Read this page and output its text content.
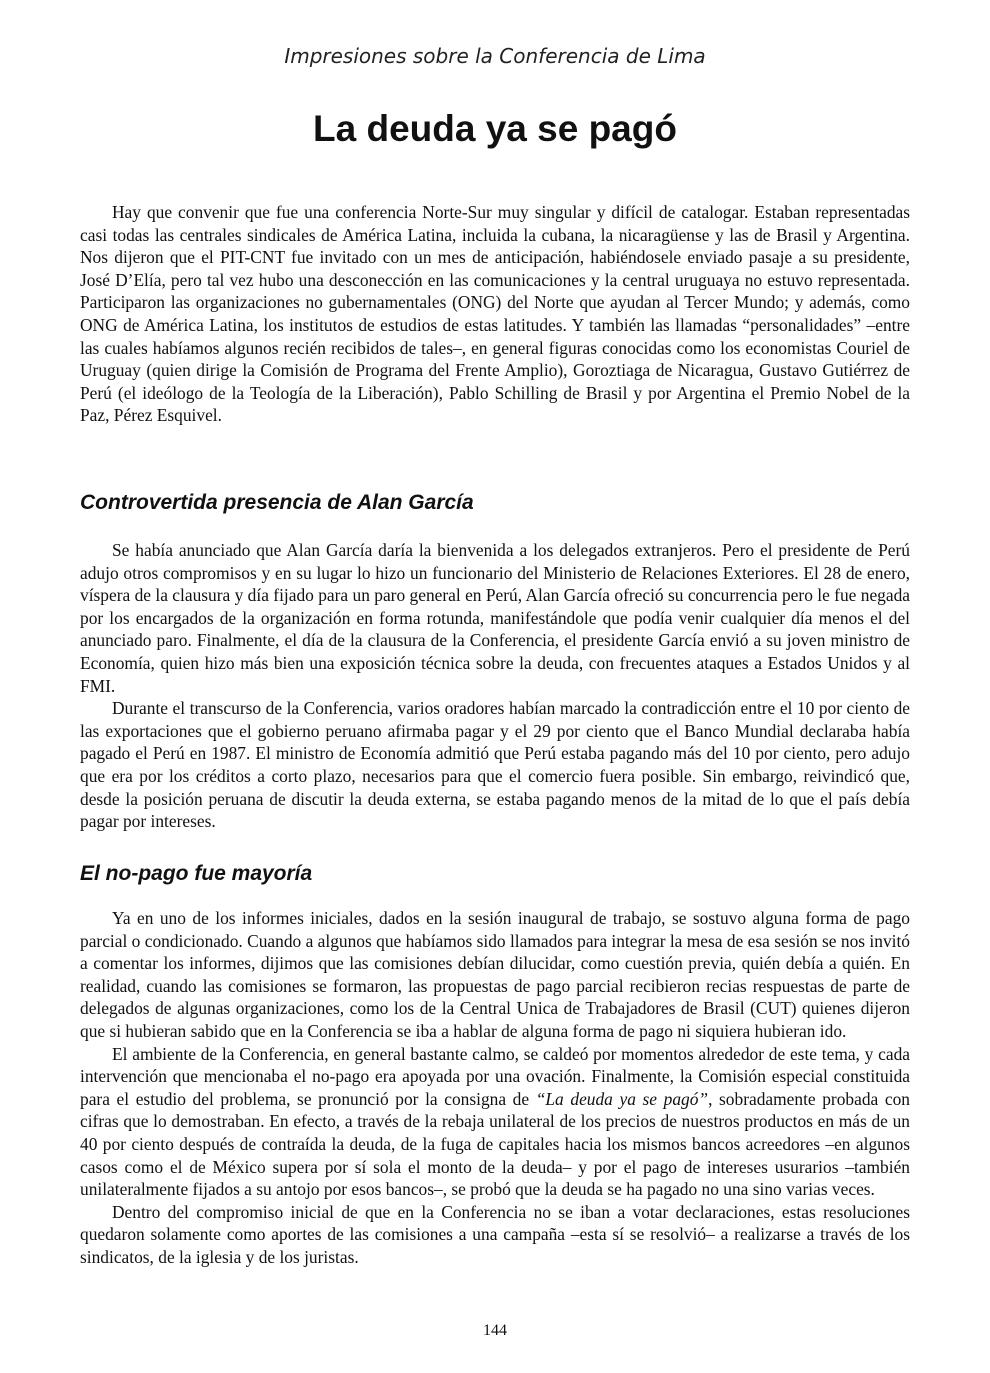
Impresiones sobre la Conferencia de Lima
La deuda ya se pagó

Hay que convenir que fue una conferencia Norte-Sur muy singular y difícil de catalogar. Estaban representadas casi todas las centrales sindicales de América Latina, incluida la cubana, la nicaragüense y las de Brasil y Argentina. Nos dijeron que el PIT-CNT fue invitado con un mes de anticipación, habiéndosele enviado pasaje a su presidente, José D’Elía, pero tal vez hubo una desconección en las comunicaciones y la central uruguaya no estuvo representada. Participaron las organizaciones no gubernamentales (ONG) del Norte que ayudan al Tercer Mundo; y además, como ONG de América Latina, los institutos de estudios de estas latitudes. Y también las llamadas “personalidades” –entre las cuales habíamos algunos recién recibidos de tales–, en general figuras conocidas como los economistas Couriel de Uruguay (quien dirige la Comisión de Programa del Frente Amplio), Goroztiaga de Nicaragua, Gustavo Gutiérrez de Perú (el ideólogo de la Teología de la Liberación), Pablo Schilling de Brasil y por Argentina el Premio Nobel de la Paz, Pérez Esquivel.

Controvertida presencia de Alan García

Se había anunciado que Alan García daría la bienvenida a los delegados extranjeros. Pero el presidente de Perú adujo otros compromisos y en su lugar lo hizo un funcionario del Ministerio de Relaciones Exteriores. El 28 de enero, víspera de la clausura y día fijado para un paro general en Perú, Alan García ofreció su concurrencia pero le fue negada por los encargados de la organización en forma rotunda, manifestándole que podía venir cualquier día menos el del anunciado paro. Finalmente, el día de la clausura de la Conferencia, el presidente García envió a su joven ministro de Economía, quien hizo más bien una exposición técnica sobre la deuda, con frecuentes ataques a Estados Unidos y al FMI.

Durante el transcurso de la Conferencia, varios oradores habían marcado la contradicción entre el 10 por ciento de las exportaciones que el gobierno peruano afirmaba pagar y el 29 por ciento que el Banco Mundial declaraba había pagado el Perú en 1987. El ministro de Economía admitió que Perú estaba pagando más del 10 por ciento, pero adujo que era por los créditos a corto plazo, necesarios para que el comercio fuera posible. Sin embargo, reivindicó que, desde la posición peruana de discutir la deuda externa, se estaba pagando menos de la mitad de lo que el país debía pagar por intereses.

El no-pago fue mayoría

Ya en uno de los informes iniciales, dados en la sesión inaugural de trabajo, se sostuvo alguna forma de pago parcial o condicionado. Cuando a algunos que habíamos sido llamados para integrar la mesa de esa sesión se nos invitó a comentar los informes, dijimos que las comisiones debían dilucidar, como cuestión previa, quién debía a quién. En realidad, cuando las comisiones se formaron, las propuestas de pago parcial recibieron recias respuestas de parte de delegados de algunas organizaciones, como los de la Central Unica de Trabajadores de Brasil (CUT) quienes dijeron que si hubieran sabido que en la Conferencia se iba a hablar de alguna forma de pago ni siquiera hubieran ido.

El ambiente de la Conferencia, en general bastante calmo, se caldeó por momentos alrededor de este tema, y cada intervención que mencionaba el no-pago era apoyada por una ovación. Finalmente, la Comisión especial constituida para el estudio del problema, se pronunció por la consigna de “La deuda ya se pagó”, sobradamente probada con cifras que lo demostraban. En efecto, a través de la rebaja unilateral de los precios de nuestros productos en más de un 40 por ciento después de contraída la deuda, de la fuga de capitales hacia los mismos bancos acreedores –en algunos casos como el de México supera por sí sola el monto de la deuda– y por el pago de intereses usurarios –también unilateralmente fijados a su antojo por esos bancos–, se probó que la deuda se ha pagado no una sino varias veces.

Dentro del compromiso inicial de que en la Conferencia no se iban a votar declaraciones, estas resoluciones quedaron solamente como aportes de las comisiones a una campaña –esta sí se resolvió– a realizarse a través de los sindicatos, de la iglesia y de los juristas.

144
